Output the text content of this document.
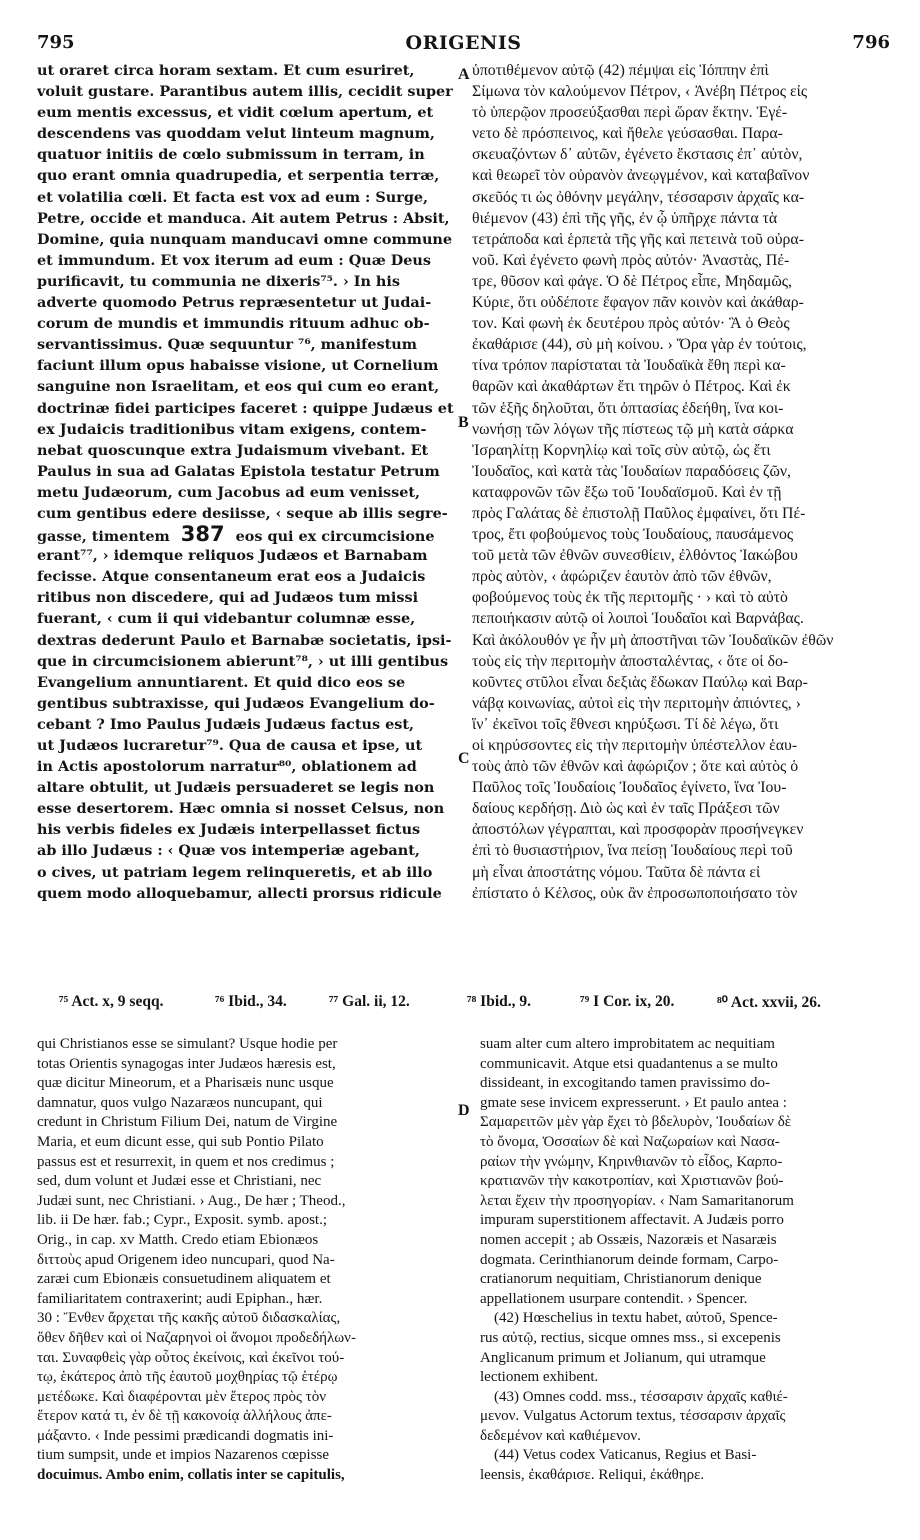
795	ORIGENIS	796
A
B
C
D
ut oraret circa horam sextam. Et cum esuriret,
voluit gustare. Parantibus autem illis, cecidit super
eum mentis excessus, et vidit cœlum apertum, et
descendens vas quoddam velut linteum magnum,
quatuor initiis de cœlo submissum in terram, in
quo erant omnia quadrupedia, et serpentia terræ,
et volatilia cœli. Et facta est vox ad eum : Surge,
Petre, occide et manduca. Ait autem Petrus : Absit,
Domine, quia nunquam manducavi omne commune
et immundum. Et vox iterum ad eum : Quæ Deus
purificavit, tu communia ne dixeris⁷⁵. › In his
adverte quomodo Petrus repræsentetur ut Judai-
corum de mundis et immundis rituum adhuc ob-
servantissimus. Quæ sequuntur ⁷⁶, manifestum
faciunt illum opus habaisse visione, ut Cornelium
sanguine non Israelitam, et eos qui cum eo erant,
doctrinæ fidei participes faceret : quippe Judæus et
ex Judaicis traditionibus vitam exigens, contem-
nebat quoscunque extra Judaismum vivebant. Et
Paulus in sua ad Galatas Epistola testatur Petrum
metu Judæorum, cum Jacobus ad eum venisset,
cum gentibus edere desiisse, ‹ seque ab illis segre-
gasse, timentem 387 eos qui ex circumcisione
erant⁷⁷, › idemque reliquos Judæos et Barnabam
fecisse. Atque consentaneum erat eos a Judaicis
ritibus non discedere, qui ad Judæos tum missi
fuerant, ‹ cum ii qui videbantur columnæ esse,
dextras dederunt Paulo et Barnabæ societatis, ipsi-
que in circumcisionem abierunt⁷⁸, › ut illi gentibus
Evangelium annuntiarent. Et quid dico eos se
gentibus subtraxisse, qui Judæos Evangelium do-
cebant ? Imo Paulus Judæis Judæus factus est,
ut Judæos lucraretur⁷⁹. Qua de causa et ipse, ut
in Actis apostolorum narratur⁸⁰, oblationem ad
altare obtulit, ut Judæis persuaderet se legis non
esse desertorem. Hæc omnia si nosset Celsus, non
his verbis fideles ex Judæis interpellasset fictus
ab illo Judæus : ‹ Quæ vos intemperiæ agebant,
o cives, ut patriam legem relinqueretis, et ab illo
quem modo alloquebamur, allecti prorsus ridicule
ὑποτιθέμενον αὐτῷ (42) πέμψαι εἰς Ἰόππην ἐπὶ
Σίμωνα τὸν καλούμενον Πέτρον, ‹ Ἀνέβη Πέτρος εἰς
τὸ ὑπερῷον προσεύξασθαι περὶ ὥραν ἕκτην. Ἐγέ-
νετο δὲ πρόσπεινος, καὶ ἤθελε γεύσασθαι. Παρα-
σκευαζόντων δ᾽ αὐτῶν, ἐγένετο ἔκστασις ἐπ᾽ αὐτὸν,
καὶ θεωρεῖ τὸν οὐρανὸν ἀνεῳγμένον, καὶ καταβαῖνον
σκεῦός τι ὡς ὀθόνην μεγάλην, τέσσαρσιν ἀρχαῖς κα-
θιέμενον (43) ἐπὶ τῆς γῆς, ἐν ᾧ ὑπῆρχε πάντα τὰ
τετράποδα καὶ ἑρπετὰ τῆς γῆς καὶ πετεινὰ τοῦ οὐρα-
νοῦ. Καὶ ἐγένετο φωνὴ πρὸς αὐτόν· Ἀναστὰς, Πέ-
τρε, θῦσον καὶ φάγε. Ὁ δὲ Πέτρος εἶπε, Μηδαμῶς,
Κύριε, ὅτι οὐδέποτε ἔφαγον πᾶν κοινὸν καὶ ἀκάθαρ-
τον. Καὶ φωνὴ ἐκ δευτέρου πρὸς αὐτόν· Ἃ ὁ Θεὸς
ἐκαθάρισε (44), σὺ μὴ κοίνου. › Ὅρα γὰρ ἐν τούτοις,
τίνα τρόπον παρίσταται τὰ Ἰουδαϊκὰ ἔθη περὶ κα-
θαρῶν καὶ ἀκαθάρτων ἔτι τηρῶν ὁ Πέτρος. Καὶ ἐκ
τῶν ἑξῆς δηλοῦται, ὅτι ὀπτασίας ἐδεήθη, ἵνα κοι-
νωνήσῃ τῶν λόγων τῆς πίστεως τῷ μὴ κατὰ σάρκα
Ἰσραηλίτῃ Κορνηλίῳ καὶ τοῖς σὺν αὐτῷ, ὡς ἔτι
Ἰουδαῖος, καὶ κατὰ τὰς Ἰουδαίων παραδόσεις ζῶν,
καταφρονῶν τῶν ἔξω τοῦ Ἰουδαϊσμοῦ. Καὶ ἐν τῇ
πρὸς Γαλάτας δὲ ἐπιστολῇ Παῦλος ἐμφαίνει, ὅτι Πέ-
τρος, ἔτι φοβούμενος τοὺς Ἰουδαίους, παυσάμενος
τοῦ μετὰ τῶν ἐθνῶν συνεσθίειν, ἐλθόντος Ἰακώβου
πρὸς αὐτὸν, ‹ ἀφώριζεν ἑαυτὸν ἀπὸ τῶν ἐθνῶν,
φοβούμενος τοὺς ἐκ τῆς περιτομῆς · › καὶ τὸ αὐτὸ
πεποιήκασιν αὐτῷ οἱ λοιποὶ Ἰουδαῖοι καὶ Βαρνάβας.
Καὶ ἀκόλουθόν γε ἦν μὴ ἀποστῆναι τῶν Ἰουδαϊκῶν ἐθῶν
τοὺς εἰς τὴν περιτομὴν ἀποσταλέντας, ‹ ὅτε οἱ δο-
κοῦντες στῦλοι εἶναι δεξιὰς ἔδωκαν Παύλῳ καὶ Βαρ-
νάβᾳ κοινωνίας, αὐτοὶ εἰς τὴν περιτομὴν ἀπιόντες, ›
ἵν᾽ ἐκεῖνοι τοῖς ἔθνεσι κηρύξωσι. Τί δὲ λέγω, ὅτι
οἱ κηρύσσοντες εἰς τὴν περιτομὴν ὑπέστελλον ἑαυ-
τοὺς ἀπὸ τῶν ἐθνῶν καὶ ἀφώριζον ; ὅτε καὶ αὐτὸς ὁ
Παῦλος τοῖς Ἰουδαίοις Ἰουδαῖος ἐγίνετο, ἵνα Ἰου-
δαίους κερδήσῃ. Διὸ ὡς καὶ ἐν ταῖς Πράξεσι τῶν
ἀποστόλων γέγραπται, καὶ προσφορὰν προσήνεγκεν
ἐπὶ τὸ θυσιαστήριον, ἵνα πείσῃ Ἰουδαίους περὶ τοῦ
μὴ εἶναι ἀποστάτης νόμου. Ταῦτα δὲ πάντα εἰ
ἐπίστατο ὁ Κέλσος, οὐκ ἂν ἐπροσωποποιήσατο τὸν
⁷⁵ Act. x, 9 seqq.	⁷⁶ Ibid., 34.	⁷⁷ Gal. ii, 12.	⁷⁸ Ibid., 9.	⁷⁹ I Cor. ix, 20.	⁸⁰ Act. xxvii, 26.
qui Christianos esse se simulant? Usque hodie per
totas Orientis synagogas inter Judæos hæresis est,
quæ dicitur Mineorum, et a Pharisæis nunc usque
damnatur, quos vulgo Nazaræos nuncupant, qui
credunt in Christum Filium Dei, natum de Virgine
Maria, et eum dicunt esse, qui sub Pontio Pilato
passus est et resurrexit, in quem et nos credimus ;
sed, dum volunt et Judæi esse et Christiani, nec
Judæi sunt, nec Christiani. › Aug., De hær ; Theod.,
lib. ii De hær. fab.; Cypr., Exposit. symb. apost.;
Orig., in cap. xv Matth. Credo etiam Ebionæos
διττοὺς apud Origenem ideo nuncupari, quod Na-
zaræi cum Ebionæis consuetudinem aliquatem et
familiaritatem contraxerint; audi Epiphan., hær.
30 : Ἔνθεν ἄρχεται τῆς κακῆς αὐτοῦ διδασκαλίας,
ὅθεν δῆθεν καὶ οἱ Ναζαρηνοὶ οἱ ἄνομοι προδεδήλων-
ται. Συναφθεὶς γὰρ οὗτος ἐκείνοις, καὶ ἐκεῖνοι τού-
τῳ, ἑκάτερος ἀπὸ τῆς ἑαυτοῦ μοχθηρίας τῷ ἑτέρῳ
μετέδωκε. Καὶ διαφέρονται μὲν ἕτερος πρὸς τὸν
ἕτερον κατά τι, ἐν δὲ τῇ κακονοίᾳ ἀλλήλους ἀπε-
μάξαντο. ‹ Inde pessimi prædicandi dogmatis ini-
tium sumpsit, unde et impios Nazarenos cœpisse
docuimus. Ambo enim, collatis inter se capitulis,
suam alter cum altero improbitatem ac nequitiam
communicavit. Atque etsi quadantenus a se multo
dissideant, in excogitando tamen pravissimo do-
gmate sese invicem expresserunt. › Et paulo antea :
Σαμαρειτῶν μὲν γὰρ ἔχει τὸ βδελυρὸν, Ἰουδαίων δὲ
τὸ ὄνομα, Ὀσσαίων δὲ καὶ Ναζωραίων καὶ Νασα-
ραίων τὴν γνώμην, Κηρινθιανῶν τὸ εἶδος, Καρπο-
κρατιανῶν τὴν κακοτροπίαν, καὶ Χριστιανῶν βού-
λεται ἔχειν τὴν προσηγορίαν. ‹ Nam Samaritanorum
impuram superstitionem affectavit. A Judæis porro
nomen accepit ; ab Ossæis, Nazoræis et Nasaræis
dogmata. Cerinthianorum deinde formam, Carpo-
cratianorum nequitiam, Christianorum denique
appellationem usurpare contendit. › Spencer.
(42) Hœschelius in textu habet, αὐτοῦ, Spence-
rus αὐτῷ, rectius, sicque omnes mss., si excepenis
Anglicanum primum et Jolianum, qui utramque
lectionem exhibent.
(43) Omnes codd. mss., τέσσαρσιν ἀρχαῖς καθιέ-
μενον. Vulgatus Actorum textus, τέσσαρσιν ἀρχαῖς
δεδεμένον καὶ καθιέμενον.
(44) Vetus codex Vaticanus, Regius et Basi-
leensis, ἐκαθάρισε. Reliqui, ἐκάθηρε.
